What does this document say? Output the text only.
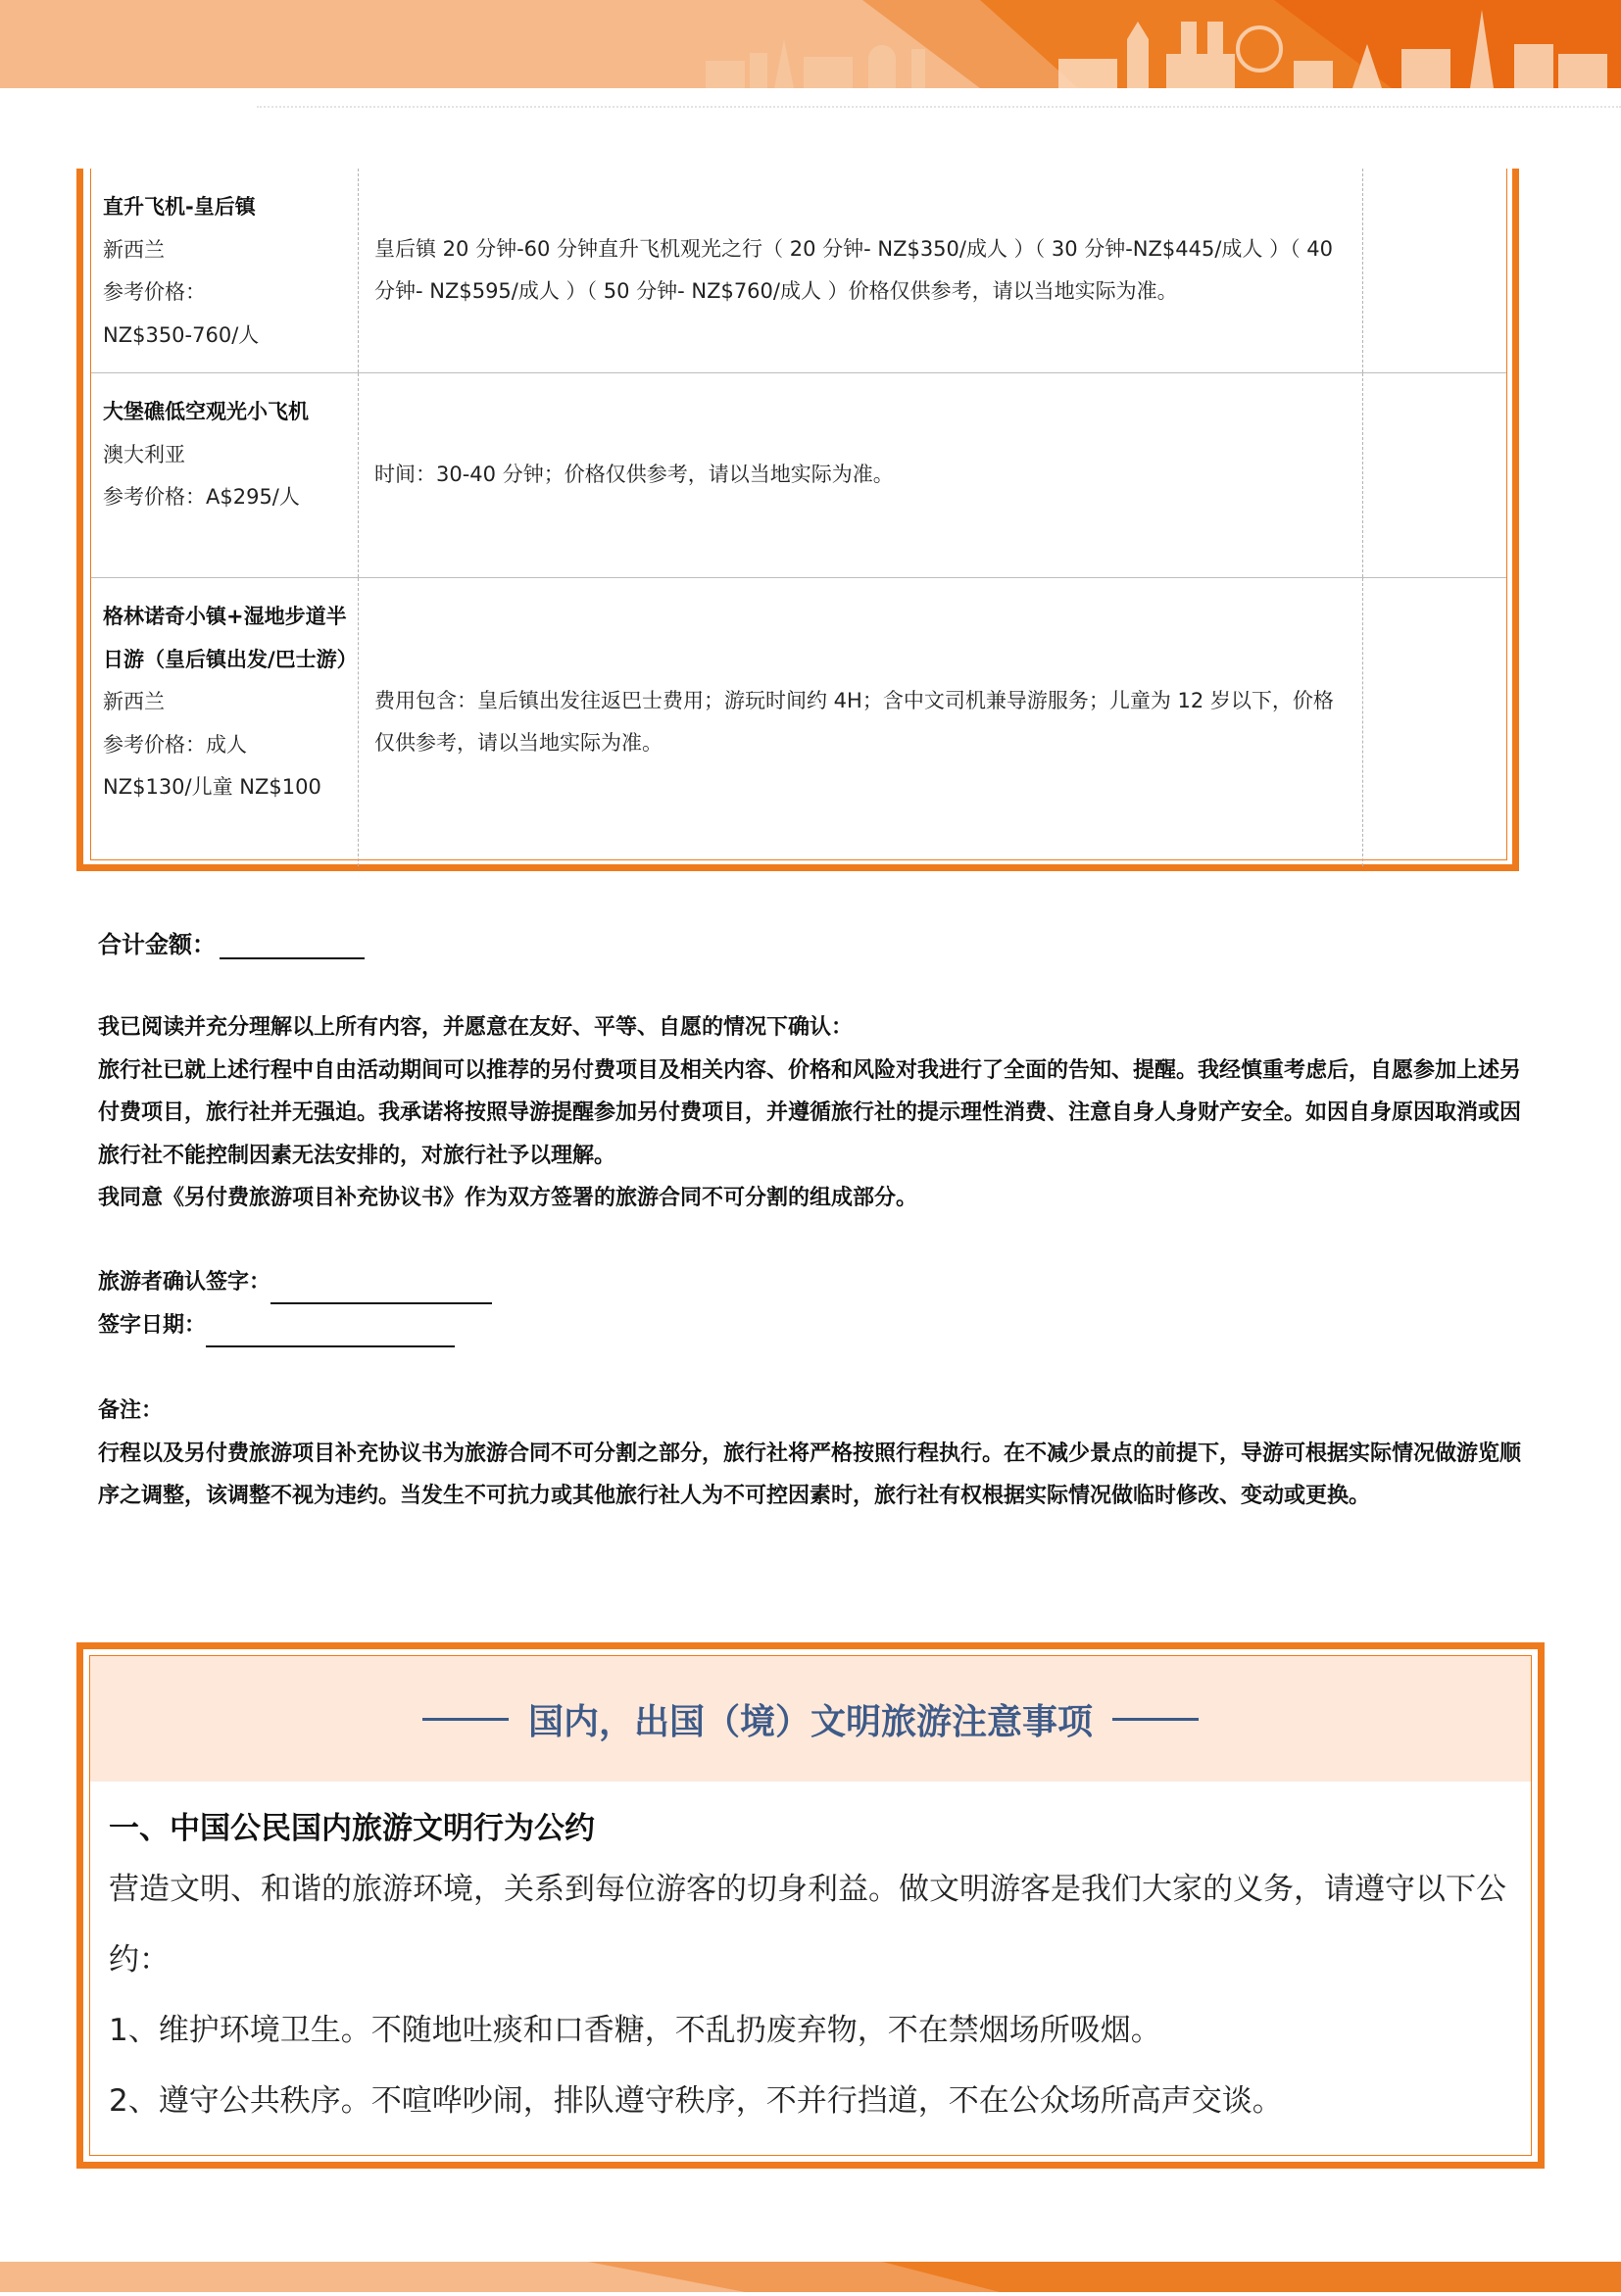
直升飞机-皇后镇
新西兰
参考价格：
NZ$350-760/人
皇后镇 20 分钟-60 分钟直升飞机观光之行（ 20 分钟- NZ$350/成人 ）（ 30 分钟-NZ$445/成人 ）（ 40 分钟- NZ$595/成人 ）（ 50 分钟- NZ$760/成人 ）价格仅供参考，请以当地实际为准。
大堡礁低空观光小飞机
澳大利亚
参考价格：A$295/人
时间：30-40 分钟；价格仅供参考，请以当地实际为准。
格林诺奇小镇+湿地步道半日游（皇后镇出发/巴士游）
新西兰
参考价格：成人
NZ$130/儿童 NZ$100
费用包含：皇后镇出发往返巴士费用；游玩时间约 4H；含中文司机兼导游服务；儿童为 12 岁以下，价格仅供参考，请以当地实际为准。
合计金额：

我已阅读并充分理解以上所有内容，并愿意在友好、平等、自愿的情况下确认：

旅行社已就上述行程中自由活动期间可以推荐的另付费项目及相关内容、价格和风险对我进行了全面的告知、提醒。我经慎重考虑后，自愿参加上述另付费项目，旅行社并无强迫。我承诺将按照导游提醒参加另付费项目，并遵循旅行社的提示理性消费、注意自身人身财产安全。如因自身原因取消或因旅行社不能控制因素无法安排的，对旅行社予以理解。

我同意《另付费旅游项目补充协议书》作为双方签署的旅游合同不可分割的组成部分。

旅游者确认签字：
签字日期：

备注：

行程以及另付费旅游项目补充协议书为旅游合同不可分割之部分，旅行社将严格按照行程执行。在不减少景点的前提下，导游可根据实际情况做游览顺序之调整，该调整不视为违约。当发生不可抗力或其他旅行社人为不可控因素时，旅行社有权根据实际情况做临时修改、变动或更换。

国内，出国（境）文明旅游注意事项
一、中国公民国内旅游文明行为公约

营造文明、和谐的旅游环境，关系到每位游客的切身利益。做文明游客是我们大家的义务，请遵守以下公约：

1、维护环境卫生。不随地吐痰和口香糖，不乱扔废弃物，不在禁烟场所吸烟。

2、遵守公共秩序。不喧哗吵闹，排队遵守秩序，不并行挡道，不在公众场所高声交谈。
